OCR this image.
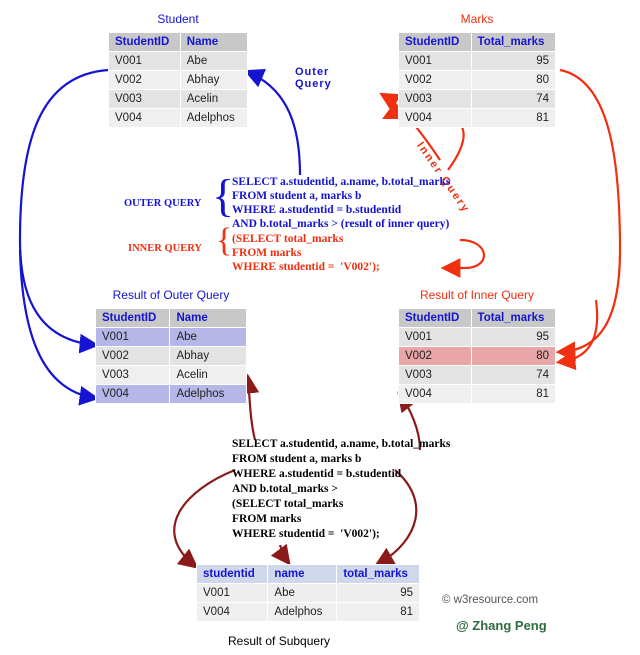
Student
StudentID	Name
V001	Abe
V002	Abhay
V003	Acelin
V004	Adelphos
Marks
StudentID	Total_marks
V001	95
V002	80
V003	74
V004	81
Outer Query
Inner Query
OUTER QUERY
INNER QUERY
{
{
SELECT a.studentid, a.name, b.total_marks
FROM student a, marks b
WHERE a.studentid = b.studentid
AND b.total_marks > (result of inner query)
(SELECT total_marks
FROM marks
WHERE studentid =  'V002');
Result of Outer Query
StudentID	Name
V001	Abe
V002	Abhay
V003	Acelin
V004	Adelphos
Result of Inner Query
StudentID	Total_marks
V001	95
V002	80
V003	74
V004	81
SELECT a.studentid, a.name, b.total_marks
FROM student a, marks b
WHERE a.studentid = b.studentid
AND b.total_marks >
(SELECT total_marks
FROM marks
WHERE studentid =  'V002');
studentid	name	total_marks
V001	Abe	95
V004	Adelphos	81
Result of Subquery
© w3resource.com
@ Zhang Peng
